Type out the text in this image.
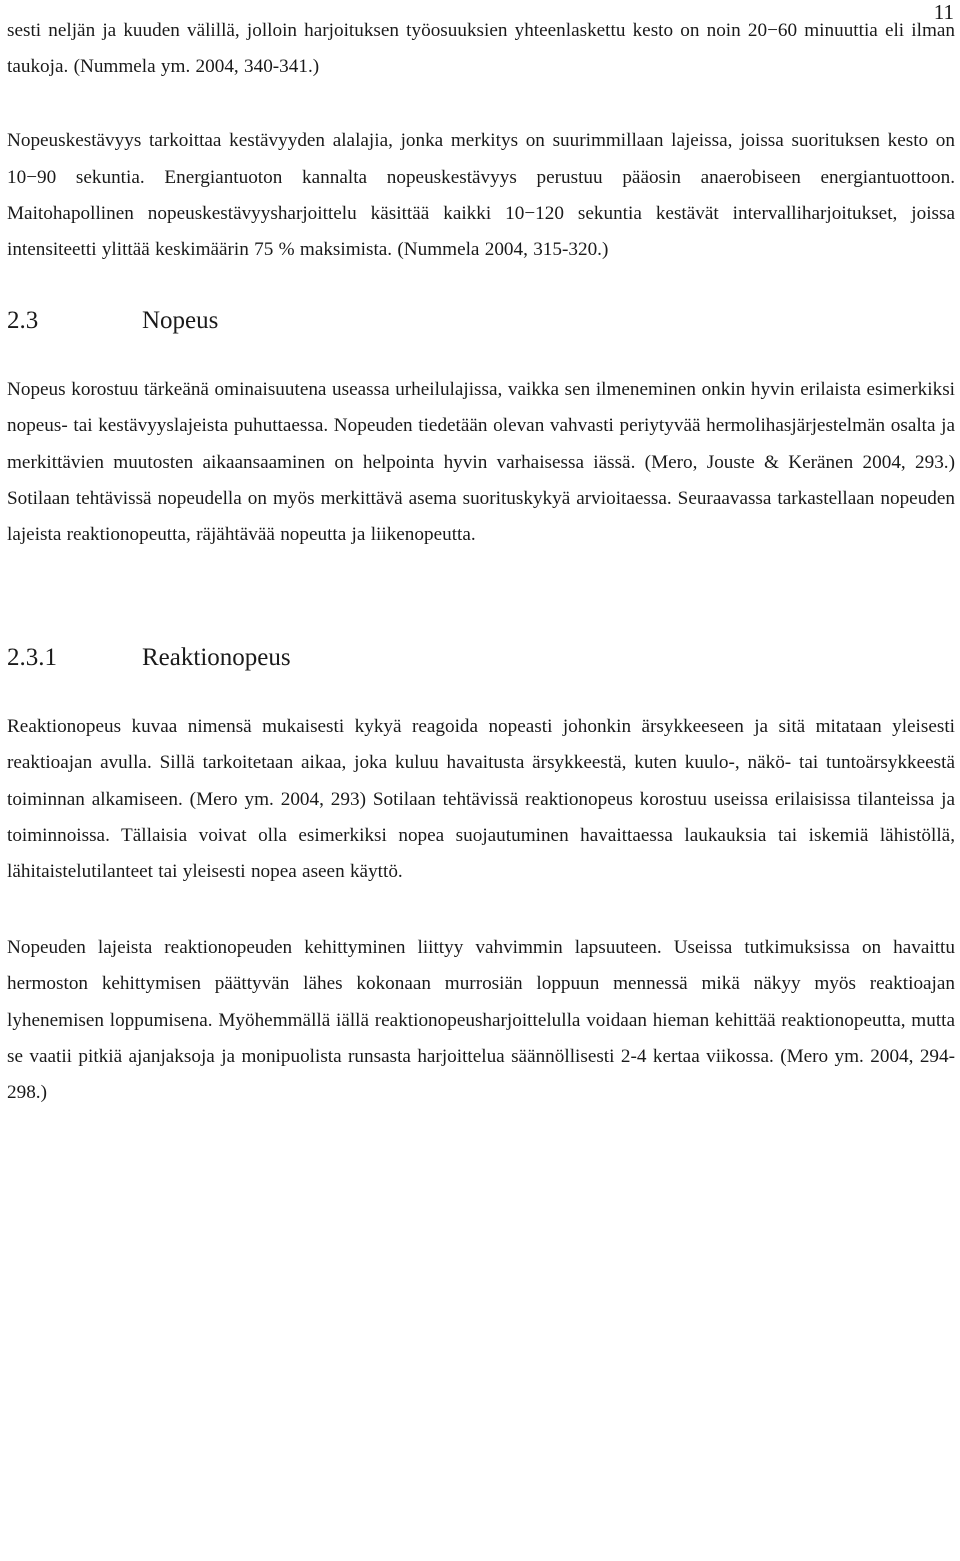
11

sesti neljän ja kuuden välillä, jolloin harjoituksen työosuuksien yhteenlaskettu kesto on noin 20−60 minuuttia eli ilman taukoja. (Nummela ym. 2004, 340-341.)

Nopeuskestävyys tarkoittaa kestävyyden alalajia, jonka merkitys on suurimmillaan lajeissa, joissa suorituksen kesto on 10−90 sekuntia. Energiantuoton kannalta nopeuskestävyys perustuu pääosin anaerobiseen energiantuottoon. Maitohapollinen nopeuskestävyysharjoittelu käsittää kaikki 10−120 sekuntia kestävät intervalliharjoitukset, joissa intensiteetti ylittää keskimäärin 75 % maksimista. (Nummela 2004, 315-320.)

2.3	Nopeus

Nopeus korostuu tärkeänä ominaisuutena useassa urheilulajissa, vaikka sen ilmeneminen onkin hyvin erilaista esimerkiksi nopeus- tai kestävyyslajeista puhuttaessa. Nopeuden tiedetään olevan vahvasti periytyvää hermolihasjärjestelmän osalta ja merkittävien muutosten aikaansaaminen on helpointa hyvin varhaisessa iässä. (Mero, Jouste & Keränen 2004, 293.) Sotilaan tehtävissä nopeudella on myös merkittävä asema suorituskykyä arvioitaessa. Seuraavassa tarkastellaan nopeuden lajeista reaktionopeutta, räjähtävää nopeutta ja liikenopeutta.

2.3.1	Reaktionopeus

Reaktionopeus kuvaa nimensä mukaisesti kykyä reagoida nopeasti johonkin ärsykkeeseen ja sitä mitataan yleisesti reaktioajan avulla. Sillä tarkoitetaan aikaa, joka kuluu havaitusta ärsykkeestä, kuten kuulo-, näkö- tai tuntoärsykkeestä toiminnan alkamiseen. (Mero ym. 2004, 293) Sotilaan tehtävissä reaktionopeus korostuu useissa erilaisissa tilanteissa ja toiminnoissa. Tällaisia voivat olla esimerkiksi nopea suojautuminen havaittaessa laukauksia tai iskemiä lähistöllä, lähitaistelutilanteet tai yleisesti nopea aseen käyttö.

Nopeuden lajeista reaktionopeuden kehittyminen liittyy vahvimmin lapsuuteen. Useissa tutkimuksissa on havaittu hermoston kehittymisen päättyvän lähes kokonaan murrosiän loppuun mennessä mikä näkyy myös reaktioajan lyhenemisen loppumisena. Myöhemmällä iällä reaktionopeusharjoittelulla voidaan hieman kehittää reaktionopeutta, mutta se vaatii pitkiä ajanjaksoja ja monipuolista runsasta harjoittelua säännöllisesti 2-4 kertaa viikossa. (Mero ym. 2004, 294-298.)
